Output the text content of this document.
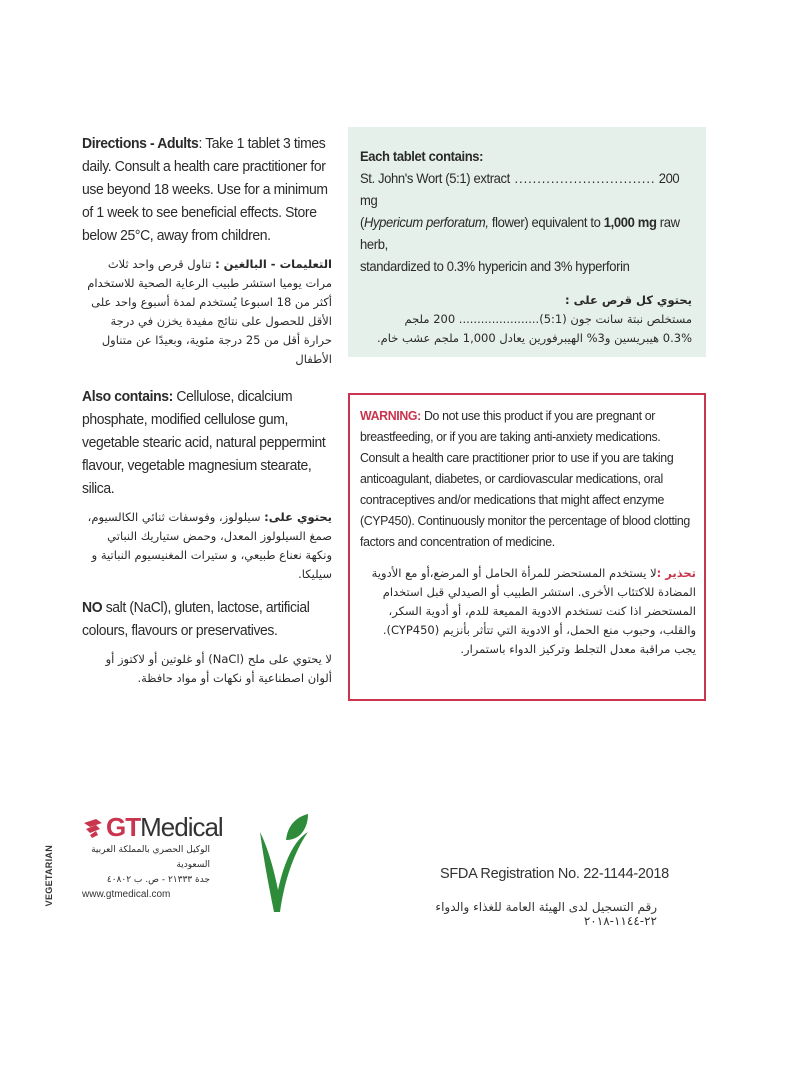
Directions - Adults: Take 1 tablet 3 times daily. Consult a health care practitioner for use beyond 18 weeks. Use for a minimum of 1 week to see beneficial effects. Store below 25°C, away from children.

التعليمات - البالغين : تناول قرص واحد ثلاث مرات يوميا استشر طبيب الرعاية الصحية للاستخدام أكثر من 18 اسبوعا يُستخدم لمدة أسبوع واحد على الأقل للحصول على نتائج مفيدة يخزن في درجة حرارة أقل من 25 درجة مئوية، وبعيدًا عن متناول الأطفال

Also contains: Cellulose, dicalcium phosphate, modified cellulose gum, vegetable stearic acid, natural peppermint flavour, vegetable magnesium stearate, silica.

يحتوي على: سيلولوز، وفوسفات ثنائي الكالسيوم، صمغ السيلولوز المعدل، وحمض ستياريك النباتي ونكهة نعناع طبيعي، و ستيرات المغنيسيوم النباتية و سيليكا.

NO salt (NaCl), gluten, lactose, artificial colours, flavours or preservatives.

لا يحتوي على ملح (NaCl) أو غلوتين أو لاكتوز أو ألوان اصطناعية أو نكهات أو مواد حافظة.

Each tablet contains:

St. John's Wort (5:1) extract ............................... 200 mg

(Hypericum perforatum, flower) equivalent to 1,000 mg raw herb,

standardized to 0.3% hypericin and 3% hyperforin

يحتوي كل قرص على :

مستخلص نبتة سانت جون (5:1)...................... 200 ملجم

0.3% هيبريسين و3% الهيبرفورين يعادل 1,000 ملجم عشب خام.

WARNING: Do not use this product if you are pregnant or breastfeeding, or if you are taking anti-anxiety medications. Consult a health care practitioner prior to use if you are taking anticoagulant, diabetes, or cardiovascular medications, oral contraceptives and/or medications that might affect enzyme (CYP450). Continuously monitor the percentage of blood clotting factors and concentration of medicine.

تحذير :لا يستخدم المستحضر للمرأة الحامل أو المرضع،أو مع الأدوية المضادة للاكتئاب الأخرى. استشر الطبيب أو الصيدلي قبل استخدام المستحضر اذا كنت تستخدم الادوية المميعة للدم، أو أدوية السكر، والقلب، وحبوب منع الحمل، أو الادوية التي تتأثر بأنزيم (CYP450). يجب مراقبة معدل التجلط وتركيز الدواء باستمرار.

GTMedical
الوكيل الحصري بالمملكة العربية السعودية
جدة ٢١٣٣٣ - ص. ب ٤٠٨٠٢
www.gtmedical.com
VEGETARIAN	SFDA Registration No. 22-1144-2018
رقم التسجيل لدى الهيئة العامة للغذاء والدواء ٢٢-١١٤٤-٢٠١٨
